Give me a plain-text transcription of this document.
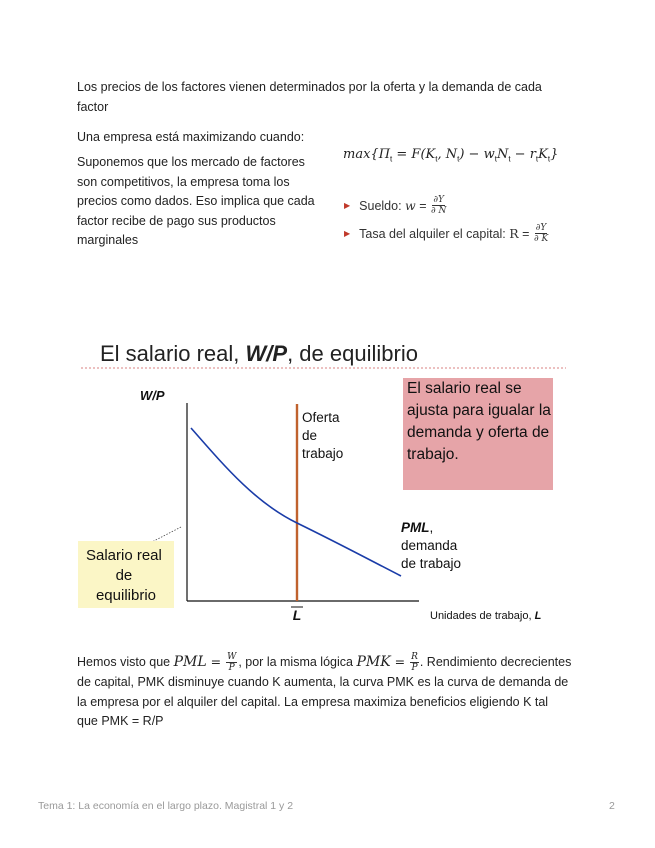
Los precios de los factores vienen determinados por la oferta y la demanda de cada factor
Una empresa está maximizando cuando:
Suponemos que los mercado de factores son competitivos, la empresa toma los precios como dados. Eso implica que cada factor recibe de pago sus productos marginales
$\max\{\Pi_t = F(K_t$, $N_t) - w_tN_t - r_tK_t$}
▶ Sueldo:
$w = \frac{\partial Y}{\partial N}$
▶ Tasa del alquiler el capital:
$R = \frac{\partial Y}{\partial K}$
El salario real, W/P, de equilibrio
W/P
Oferta de trabajo
El salario real se ajusta para igualar la demanda y oferta de trabajo.
PML, demanda de trabajo
Salario real de equilibrio
L	Unidades de trabajo, L
Hemos visto que PML = $\frac{W}{P}$ , por la misma lógica PMK = $\frac{R}{P}$ . Rendimiento decrecientes de capital, PMK disminuye cuando K aumenta, la curva PMK es la curva de demanda de la empresa por el alquiler del capital. La empresa maximiza beneficios eligiendo K tal que PMK = R/P
Tema 1: La economía en el largo plazo. Magistral 1 y 2	2
